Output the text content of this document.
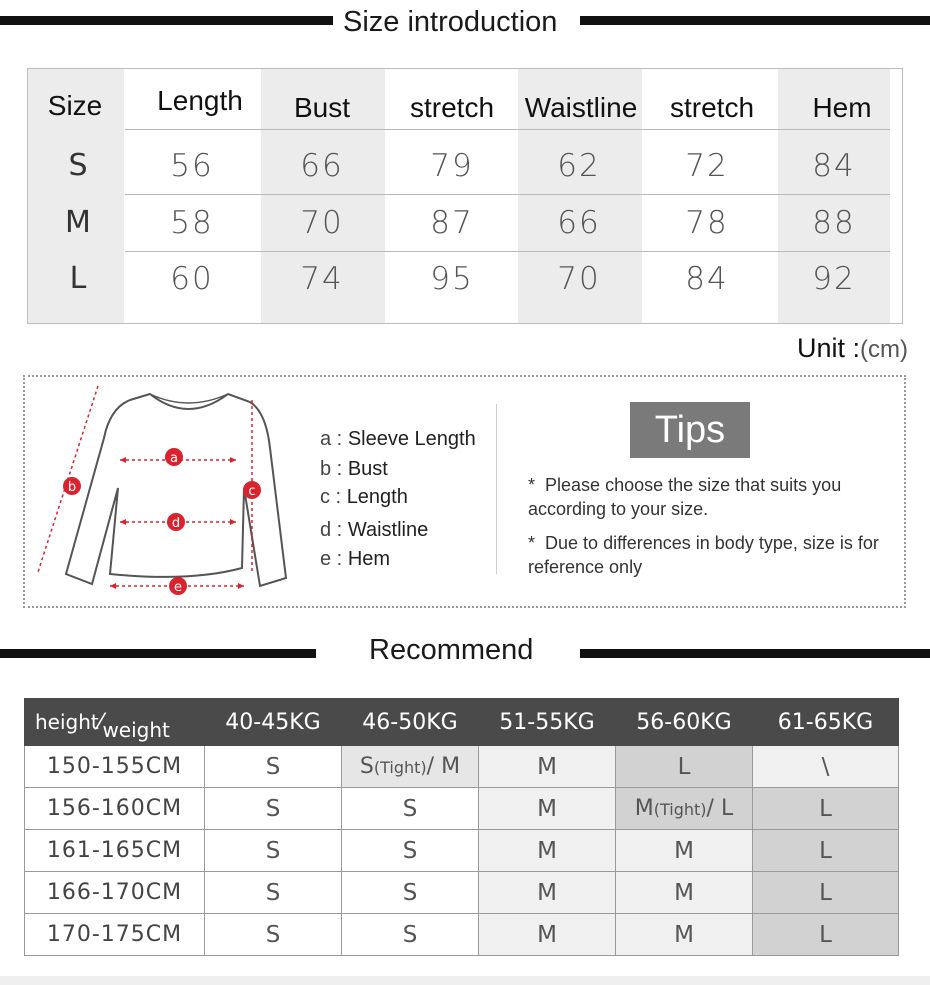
Size introduction
Size	Length	Bust	stretch	Waistline	stretch	Hem
S	56	66	79	62	72	84
M	58	70	87	66	78	88
L	60	74	95	70	84	92
Unit :(cm)
a
b	c
d
e
a : Sleeve Length
b : Bust
c : Length
d : Waistline
e : Hem
Tips
* Please choose the size that suits you according to your size.
* Due to differences in body type, size is for reference only
Recommend
height⁄weight	40-45KG	46-50KG	51-55KG	56-60KG	61-65KG
150-155CM	S	S(Tight)/ M	M	L	\
156-160CM	S	S	M	M(Tight)/ L	L
161-165CM	S	S	M	M	L
166-170CM	S	S	M	M	L
170-175CM	S	S	M	M	L
